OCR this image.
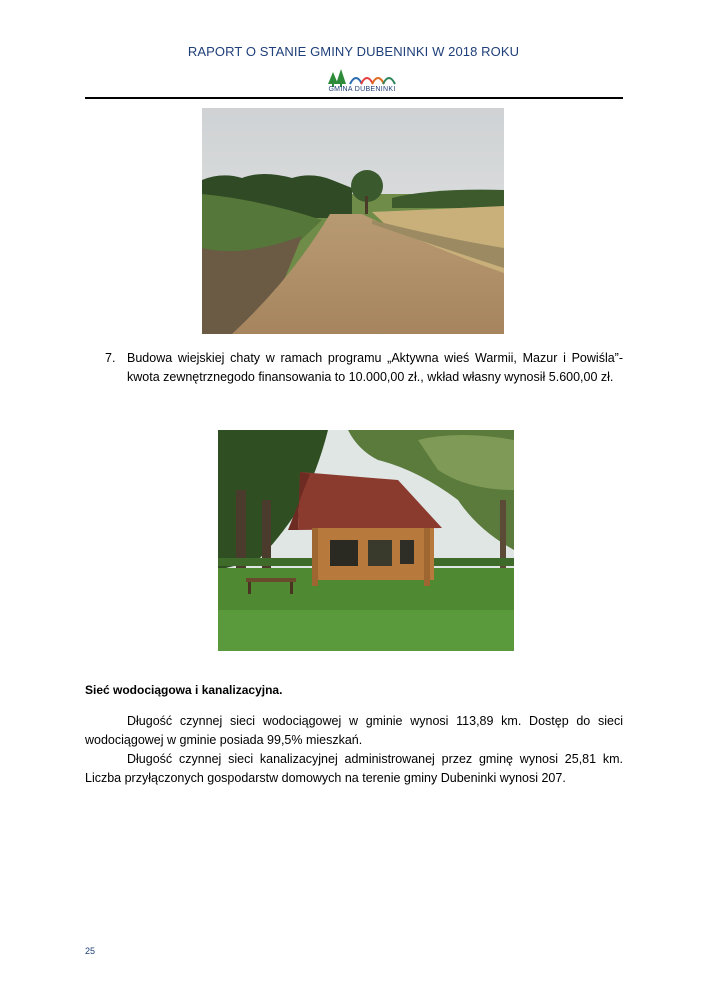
RAPORT O STANIE GMINY DUBENINKI W 2018 ROKU
GMINA DUBENINKI
7. Budowa wiejskiej chaty w ramach programu „Aktywna wieś Warmii, Mazur i Powiśla”- kwota zewnętrznegodo finansowania to 10.000,00 zł., wkład własny wynosił 5.600,00 zł.
Sieć wodociągowa i kanalizacyjna.
Długość czynnej sieci wodociągowej w gminie wynosi 113,89 km. Dostęp do sieci wodociągowej w gminie posiada 99,5% mieszkań.
Długość czynnej sieci kanalizacyjnej administrowanej przez gminę wynosi 25,81 km. Liczba przyłączonych gospodarstw domowych na terenie gminy Dubeninki wynosi 207.
25
